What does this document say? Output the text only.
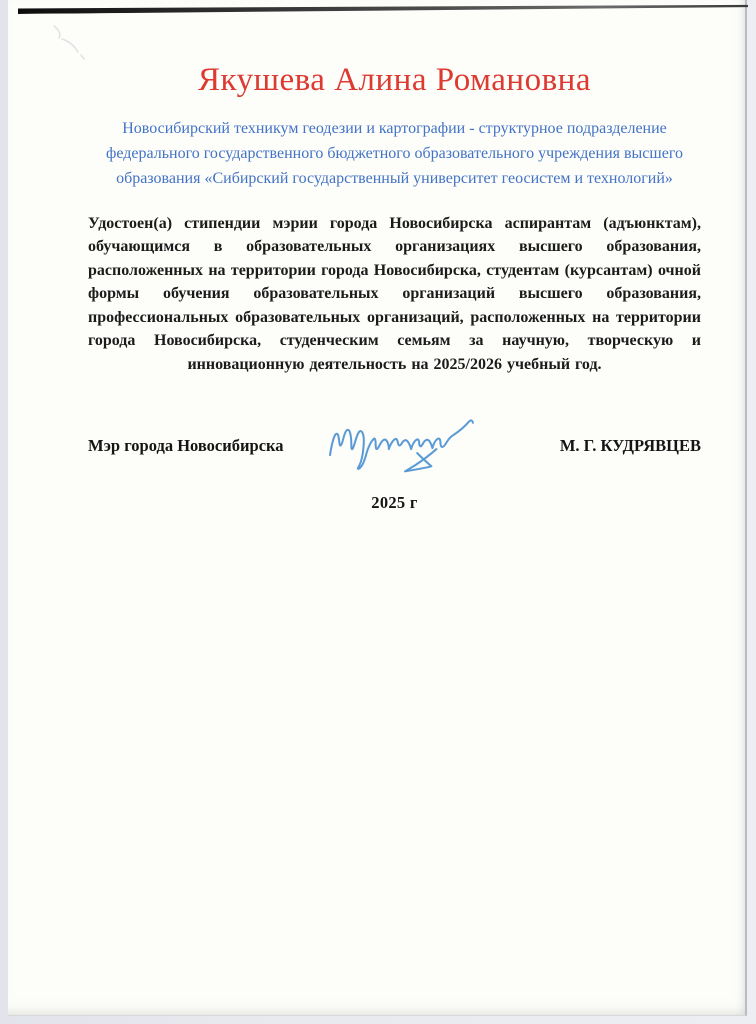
Якушева Алина Романовна

Новосибирский техникум геодезии и картографии - структурное подразделение федерального государственного бюджетного образовательного учреждения высшего образования «Сибирский государственный университет геосистем и технологий»

Удостоен(а) стипендии мэрии города Новосибирска аспирантам (адъюнктам), обучающимся в образовательных организациях высшего образования, расположенных на территории города Новосибирска, студентам (курсантам) очной формы обучения образовательных организаций высшего образования, профессиональных образовательных организаций, расположенных на территории города Новосибирска, студенческим семьям за научную, творческую и инновационную деятельность на 2025/2026 учебный год.

Мэр города Новосибирска	М. Г. КУДРЯВЦЕВ
2025 г
